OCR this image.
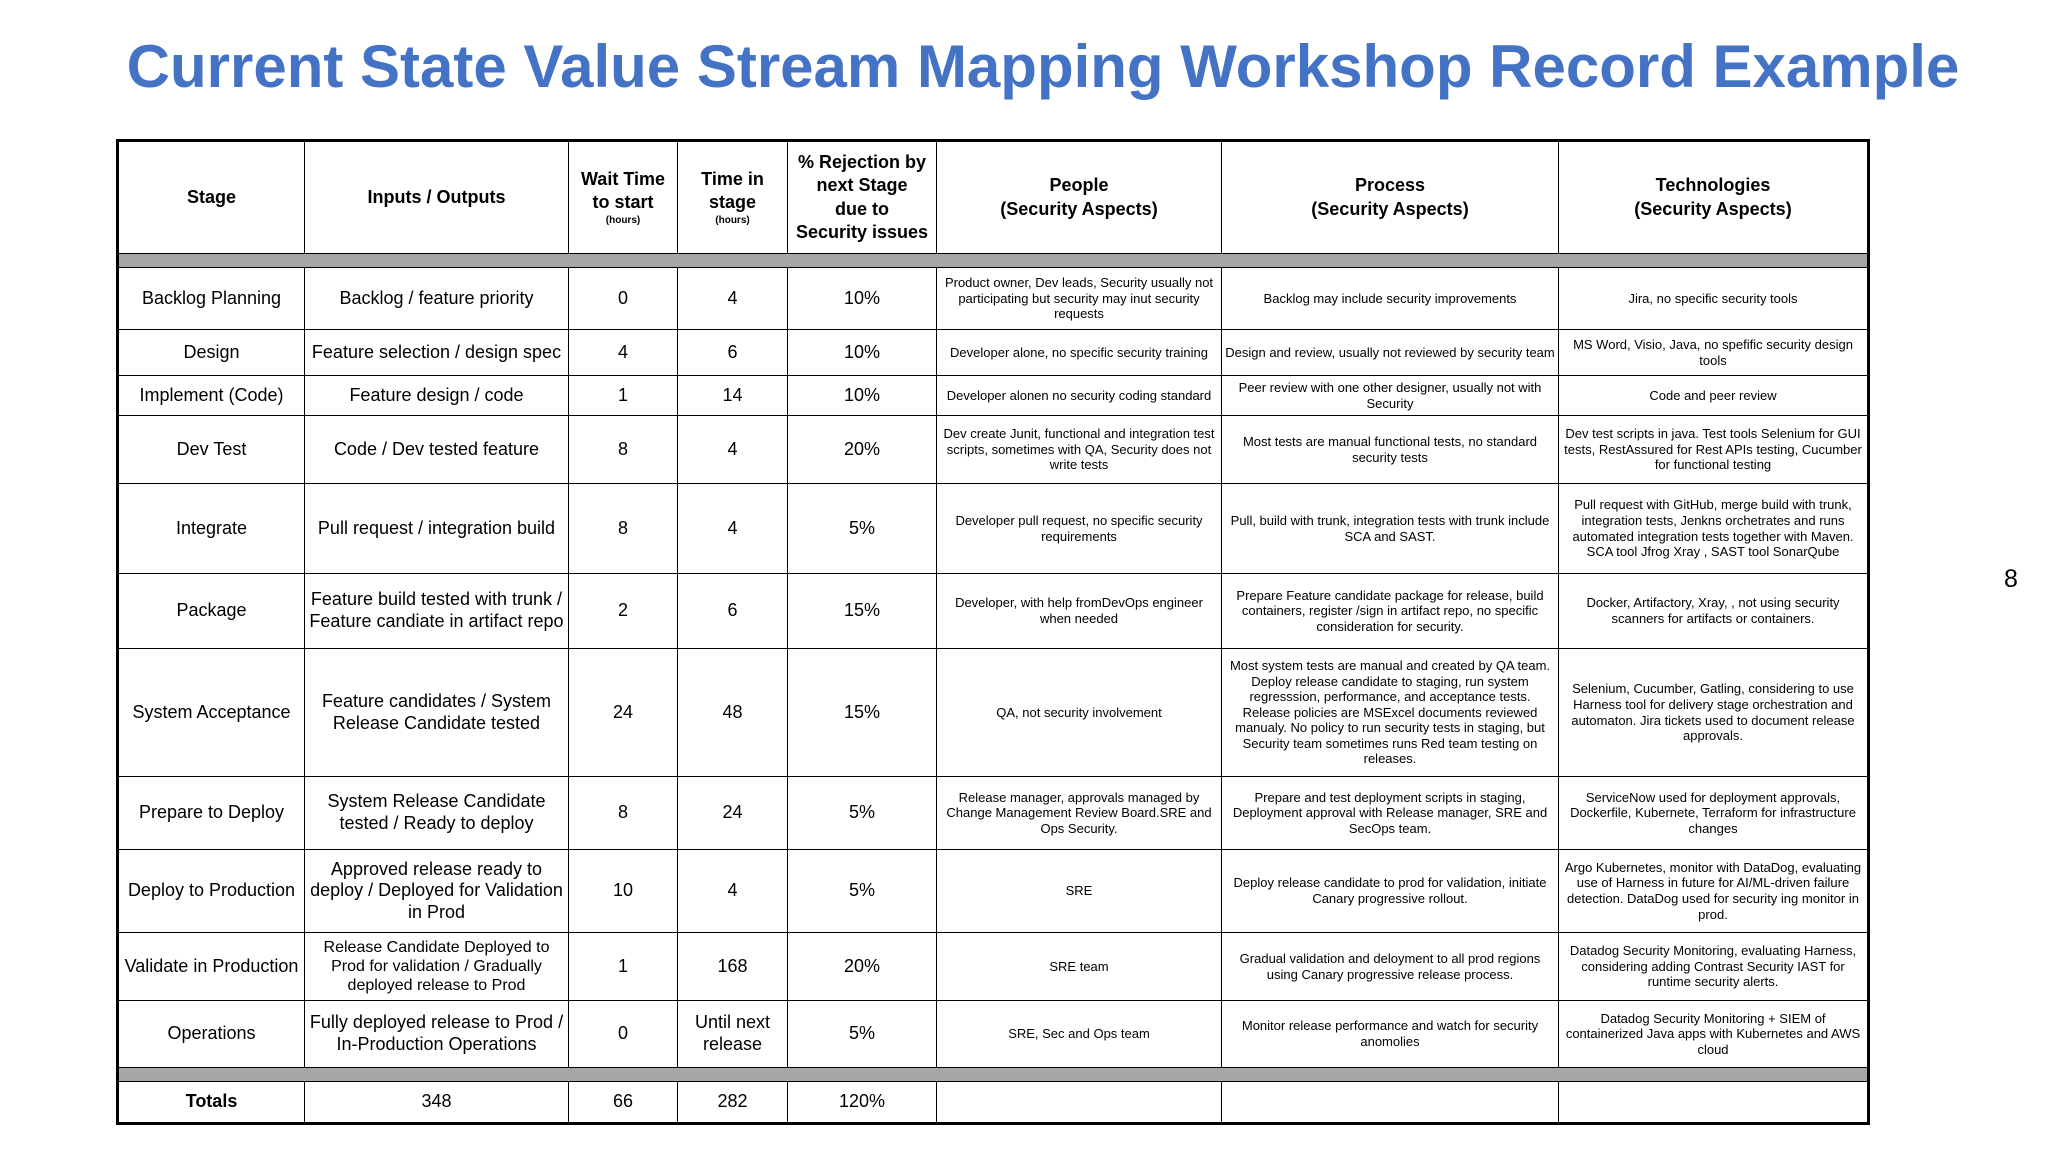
Current State Value Stream Mapping Workshop Record Example
Stage	Inputs / Outputs	Wait Time
to start
(hours)	Time in
stage
(hours)	% Rejection by
next Stage
due to
Security issues	People
(Security Aspects)	Process
(Security Aspects)	Technologies
(Security Aspects)

Backlog Planning	Backlog / feature priority	0	4	10%	Product owner, Dev leads, Security usually not participating but security may inut security requests	Backlog may include security improvements	Jira, no specific security tools
Design	Feature selection / design spec	4	6	10%	Developer alone, no specific security training	Design and review, usually not reviewed by security team	MS Word, Visio, Java, no spefific security design tools
Implement (Code)	Feature design / code	1	14	10%	Developer alonen no security coding standard	Peer review with one other designer, usually not with Security	Code and peer review
Dev Test	Code / Dev tested feature	8	4	20%	Dev create Junit, functional and integration test scripts, sometimes with QA, Security does not write tests	Most tests are manual functional tests, no standard security tests	Dev test scripts in java. Test tools Selenium for GUI tests, RestAssured for Rest APIs testing, Cucumber for functional testing
Integrate	Pull request / integration build	8	4	5%	Developer pull request, no specific security requirements	Pull, build with trunk, integration tests with trunk include SCA and SAST.	Pull request with GitHub, merge build with trunk, integration tests, Jenkns orchetrates and runs automated integration tests together with Maven. SCA tool Jfrog Xray , SAST tool SonarQube
Package	Feature build tested with trunk / Feature candiate in artifact repo	2	6	15%	Developer, with help fromDevOps engineer when needed	Prepare Feature candidate package for release, build containers, register /sign in artifact repo, no specific consideration for security.	Docker, Artifactory, Xray, , not using security scanners for artifacts or containers.
System Acceptance	Feature candidates / System Release Candidate tested	24	48	15%	QA, not security involvement	Most system tests are manual and created by QA team. Deploy release candidate to staging, run system regresssion, performance, and acceptance tests. Release policies are MSExcel documents reviewed manualy. No policy to run security tests in staging, but Security team sometimes runs Red team testing on releases.	Selenium, Cucumber, Gatling, considering to use Harness tool for delivery stage orchestration and automaton. Jira tickets used to document release approvals.
Prepare to Deploy	System Release Candidate tested / Ready to deploy	8	24	5%	Release manager, approvals managed by Change Management Review Board.SRE and Ops Security.	Prepare and test deployment scripts in staging, Deployment approval with Release manager, SRE and SecOps team.	ServiceNow used for deployment approvals, Dockerfile, Kubernete, Terraform for infrastructure changes
Deploy to Production	Approved release ready to deploy / Deployed for Validation in Prod	10	4	5%	SRE	Deploy release candidate to prod for validation, initiate Canary progressive rollout.	Argo Kubernetes, monitor with DataDog, evaluating use of Harness in future for AI/ML-driven failure detection. DataDog used for security ing monitor in prod.
Validate in Production	Release Candidate Deployed to Prod for validation / Gradually deployed release to Prod	1	168	20%	SRE team	Gradual validation and deloyment to all prod regions using Canary progressive release process.	Datadog Security Monitoring, evaluating Harness, considering adding Contrast Security IAST for runtime security alerts.
Operations	Fully deployed release to Prod / In-Production Operations	0	Until next release	5%	SRE, Sec and Ops team	Monitor release performance and watch for security anomolies	Datadog Security Monitoring + SIEM of containerized Java apps with Kubernetes and AWS cloud

Totals	348	66	282	120%			
8
